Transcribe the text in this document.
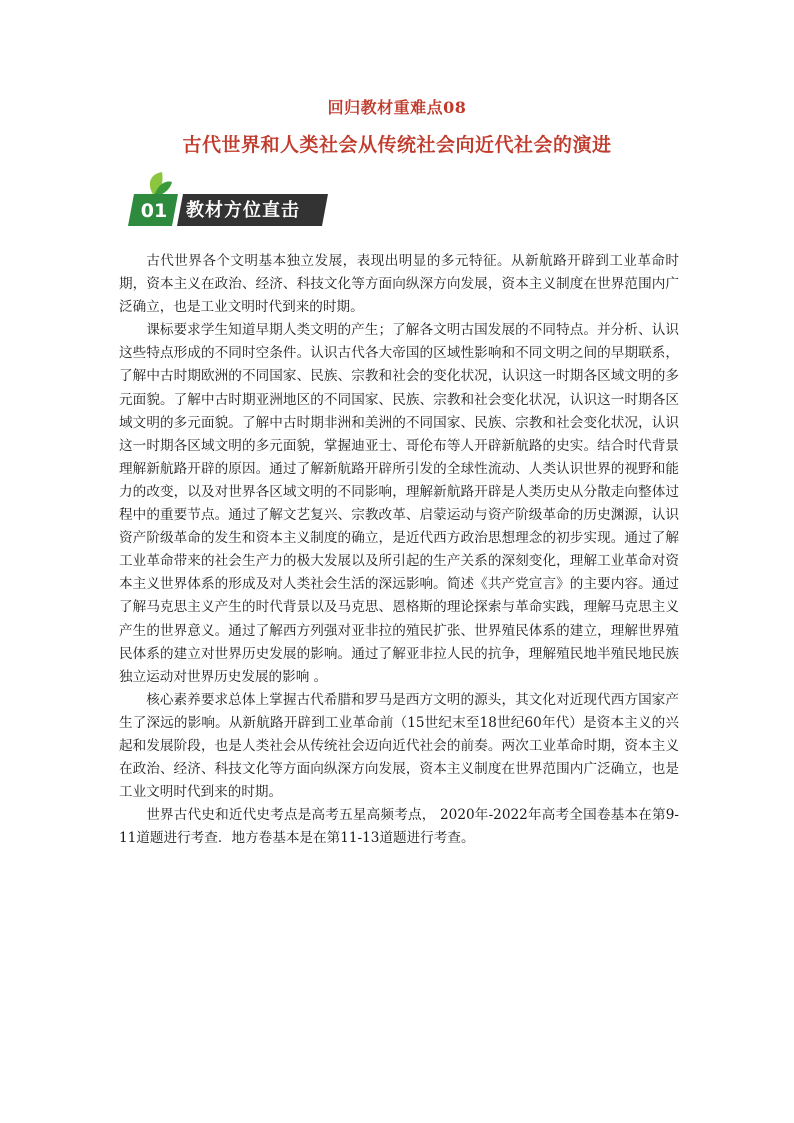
回归教材重难点08
古代世界和人类社会从传统社会向近代社会的演进
01 教材方位直击

古代世界各个文明基本独立发展，表现出明显的多元特征。从新航路开辟到工业革命时期，资本主义在政治、经济、科技文化等方面向纵深方向发展，资本主义制度在世界范围内广泛确立，也是工业文明时代到来的时期。

课标要求学生知道早期人类文明的产生；了解各文明古国发展的不同特点。并分析、认识这些特点形成的不同时空条件。认识古代各大帝国的区域性影响和不同文明之间的早期联系，了解中古时期欧洲的不同国家、民族、宗教和社会的变化状况，认识这一时期各区域文明的多元面貌。了解中古时期亚洲地区的不同国家、民族、宗教和社会变化状况，认识这一时期各区域文明的多元面貌。了解中古时期非洲和美洲的不同国家、民族、宗教和社会变化状况，认识这一时期各区域文明的多元面貌，掌握迪亚士、哥伦布等人开辟新航路的史实。结合时代背景理解新航路开辟的原因。通过了解新航路开辟所引发的全球性流动、人类认识世界的视野和能力的改变，以及对世界各区域文明的不同影响，理解新航路开辟是人类历史从分散走向整体过程中的重要节点。通过了解文艺复兴、宗教改革、启蒙运动与资产阶级革命的历史渊源，认识资产阶级革命的发生和资本主义制度的确立，是近代西方政治思想理念的初步实现。通过了解工业革命带来的社会生产力的极大发展以及所引起的生产关系的深刻变化，理解工业革命对资本主义世界体系的形成及对人类社会生活的深远影响。简述《共产党宣言》的主要内容。通过了解马克思主义产生的时代背景以及马克思、恩格斯的理论探索与革命实践，理解马克思主义产生的世界意义。通过了解西方列强对亚非拉的殖民扩张、世界殖民体系的建立，理解世界殖民体系的建立对世界历史发展的影响。通过了解亚非拉人民的抗争，理解殖民地半殖民地民族独立运动对世界历史发展的影响 。

核心素养要求总体上掌握古代希腊和罗马是西方文明的源头，其文化对近现代西方国家产生了深远的影响。从新航路开辟到工业革命前（15世纪末至18世纪60年代）是资本主义的兴起和发展阶段，也是人类社会从传统社会迈向近代社会的前奏。两次工业革命时期，资本主义在政治、经济、科技文化等方面向纵深方向发展，资本主义制度在世界范围内广泛确立，也是工业文明时代到来的时期。

世界古代史和近代史考点是高考五星高频考点， 2020年-2022年高考全国卷基本在第9-11道题进行考查．地方卷基本是在第11-13道题进行考查。
